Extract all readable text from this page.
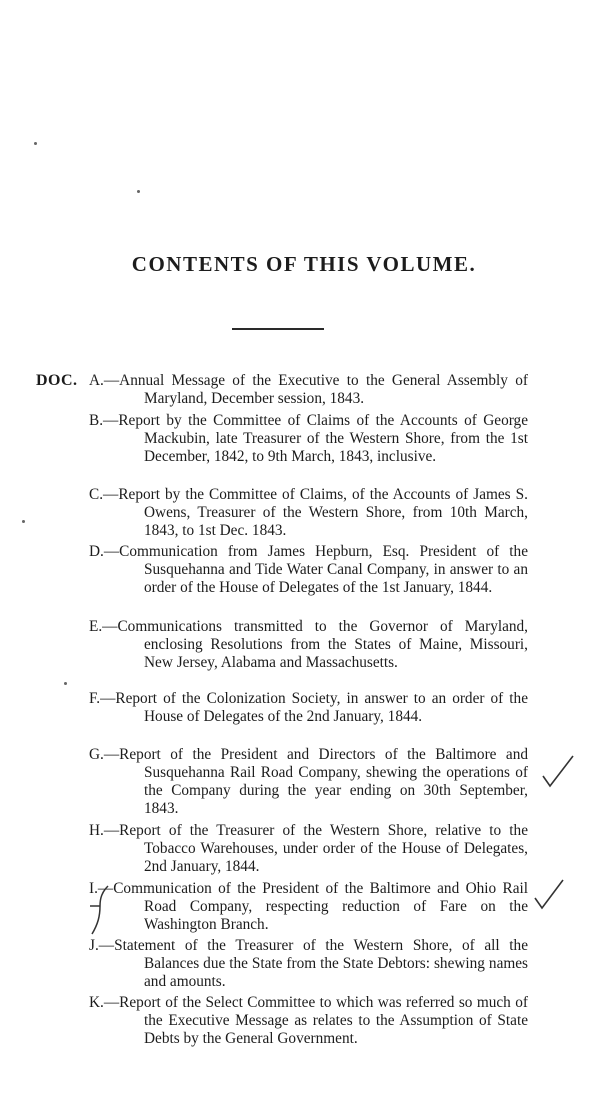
CONTENTS OF THIS VOLUME.
DOC. A.—Annual Message of the Executive to the General Assembly of Maryland, December session, 1843.
B.—Report by the Committee of Claims of the Accounts of George Mackubin, late Treasurer of the Western Shore, from the 1st December, 1842, to 9th March, 1843, inclusive.
C.—Report by the Committee of Claims, of the Accounts of James S. Owens, Treasurer of the Western Shore, from 10th March, 1843, to 1st Dec. 1843.
D.—Communication from James Hepburn, Esq. President of the Susquehanna and Tide Water Canal Company, in answer to an order of the House of Delegates of the 1st January, 1844.
E.—Communications transmitted to the Governor of Maryland, enclosing Resolutions from the States of Maine, Missouri, New Jersey, Alabama and Massachusetts.
F.—Report of the Colonization Society, in answer to an order of the House of Delegates of the 2nd January, 1844.
G.—Report of the President and Directors of the Baltimore and Susquehanna Rail Road Company, shewing the operations of the Company during the year ending on 30th September, 1843.
H.—Report of the Treasurer of the Western Shore, relative to the Tobacco Warehouses, under order of the House of Delegates, 2nd January, 1844.
I.—Communication of the President of the Baltimore and Ohio Rail Road Company, respecting reduction of Fare on the Washington Branch.
J.—Statement of the Treasurer of the Western Shore, of all the Balances due the State from the State Debtors: shewing names and amounts.
K.—Report of the Select Committee to which was referred so much of the Executive Message as relates to the Assumption of State Debts by the General Government.
